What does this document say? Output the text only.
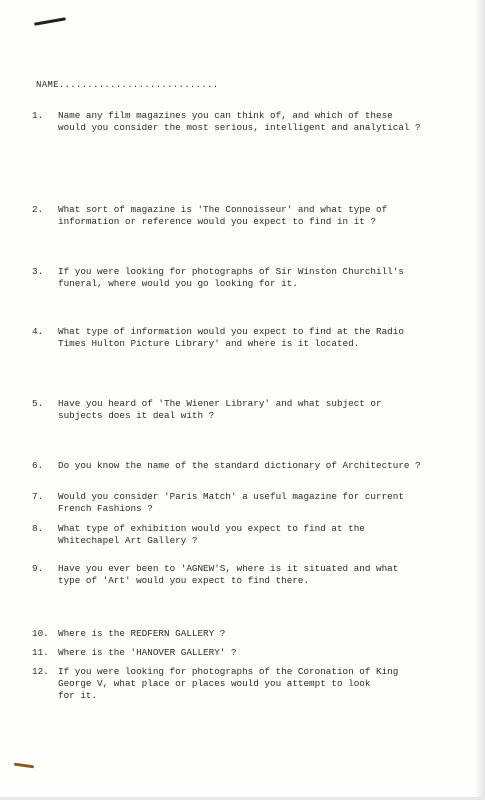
NAME............................
1.	Name any film magazines you can think of, and which of these
would you consider the most serious, intelligent and analytical ?
2.	What sort of magazine is 'The Connoisseur' and what type of
information or reference would you expect to find in it ?
3.	If you were looking for photographs of Sir Winston Churchill's
funeral, where would you go looking for it.
4.	What type of information would you expect to find at the Radio
Times Hulton Picture Library' and where is it located.
5.	Have you heard of 'The Wiener Library' and what subject or
subjects does it deal with ?
6.	Do you know the name of the standard dictionary of Architecture ?
7.	Would you consider 'Paris Match' a useful magazine for current
French Fashions ?
8.	What type of exhibition would you expect to find at the
Whitechapel Art Gallery ?
9.	Have you ever been to 'AGNEW'S, where is it situated and what
type of 'Art' would you expect to find there.
10. Where is the REDFERN GALLERY ?
11. Where is the 'HANOVER GALLERY' ?
12. If you were looking for photographs of the Coronation of King
George V, what place or places would you attempt to look
for it.
